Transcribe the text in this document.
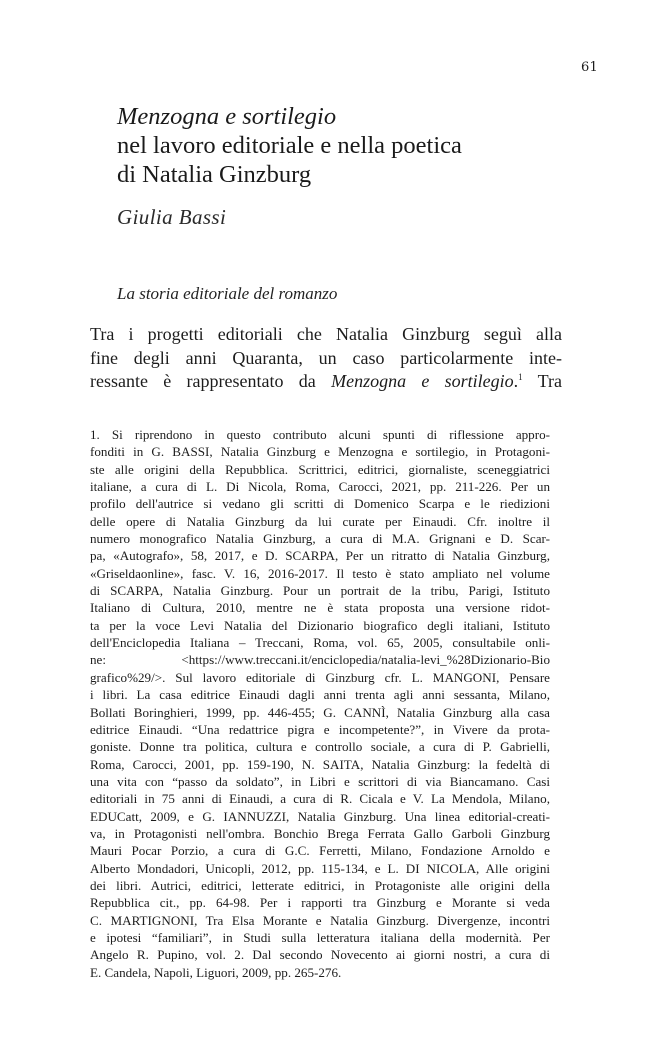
61
Menzogna e sortilegio
nel lavoro editoriale e nella poetica
di Natalia Ginzburg
Giulia Bassi
La storia editoriale del romanzo

Tra i progetti editoriali che Natalia Ginzburg seguì alla
fine degli anni Quaranta, un caso particolarmente inte-
ressante è rappresentato da Menzogna e sortilegio.$^1$ Tra

1. Si riprendono in questo contributo alcuni spunti di riflessione appro-
fonditi in G. BASSI, Natalia Ginzburg e Menzogna e sortilegio, in Protagoni-
ste alle origini della Repubblica. Scrittrici, editrici, giornaliste, sceneggiatrici
italiane, a cura di L. Di Nicola, Roma, Carocci, 2021, pp. 211-226. Per un
profilo dell'autrice si vedano gli scritti di Domenico Scarpa e le riedizioni
delle opere di Natalia Ginzburg da lui curate per Einaudi. Cfr. inoltre il
numero monografico Natalia Ginzburg, a cura di M.A. Grignani e D. Scar-
pa, «Autografo», 58, 2017, e D. SCARPA, Per un ritratto di Natalia Ginzburg,
«Griseldaonline», fasc. V. 16, 2016-2017. Il testo è stato ampliato nel volume
di SCARPA, Natalia Ginzburg. Pour un portrait de la tribu, Parigi, Istituto
Italiano di Cultura, 2010, mentre ne è stata proposta una versione ridot-
ta per la voce Levi Natalia del Dizionario biografico degli italiani, Istituto
dell'Enciclopedia Italiana – Treccani, Roma, vol. 65, 2005, consultabile onli-
ne: <https://www.treccani.it/enciclopedia/natalia-levi_%28Dizionario-Bio
grafico%29/>. Sul lavoro editoriale di Ginzburg cfr. L. MANGONI, Pensare
i libri. La casa editrice Einaudi dagli anni trenta agli anni sessanta, Milano,
Bollati Boringhieri, 1999, pp. 446-455; G. CANNÌ, Natalia Ginzburg alla casa
editrice Einaudi. “Una redattrice pigra e incompetente?”, in Vivere da prota-
goniste. Donne tra politica, cultura e controllo sociale, a cura di P. Gabrielli,
Roma, Carocci, 2001, pp. 159-190, N. SAITA, Natalia Ginzburg: la fedeltà di
una vita con “passo da soldato”, in Libri e scrittori di via Biancamano. Casi
editoriali in 75 anni di Einaudi, a cura di R. Cicala e V. La Mendola, Milano,
EDUCatt, 2009, e G. IANNUZZI, Natalia Ginzburg. Una linea editorial-creati-
va, in Protagonisti nell'ombra. Bonchio Brega Ferrata Gallo Garboli Ginzburg
Mauri Pocar Porzio, a cura di G.C. Ferretti, Milano, Fondazione Arnoldo e
Alberto Mondadori, Unicopli, 2012, pp. 115-134, e L. DI NICOLA, Alle origini
dei libri. Autrici, editrici, letterate editrici, in Protagoniste alle origini della
Repubblica cit., pp. 64-98. Per i rapporti tra Ginzburg e Morante si veda
C. MARTIGNONI, Tra Elsa Morante e Natalia Ginzburg. Divergenze, incontri
e ipotesi “familiari”, in Studi sulla letteratura italiana della modernità. Per
Angelo R. Pupino, vol. 2. Dal secondo Novecento ai giorni nostri, a cura di
E. Candela, Napoli, Liguori, 2009, pp. 265-276.
